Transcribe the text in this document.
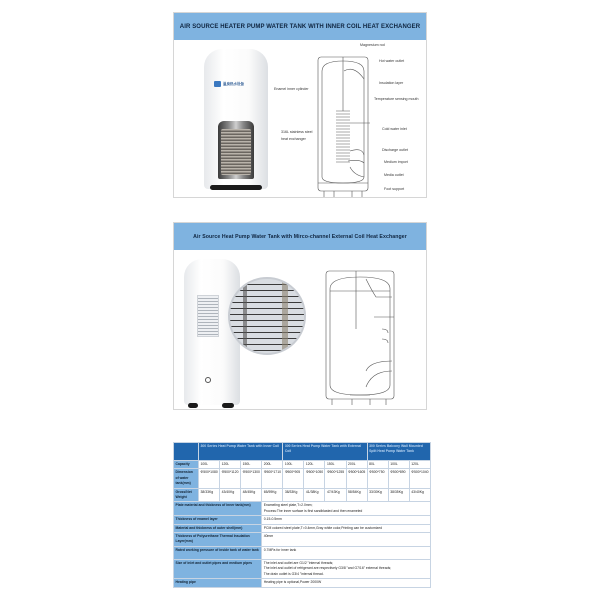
AIR SOURCE HEATER PUMP WATER TANK WITH INNER COIL HEAT EXCHANGER
温泉热水设备
Enamel inner cylinder
316L stainless steel
heat exchanger
Magnesium rod
Hot water outlet
Insulation layer
Temperature sensing mouth
Cold water inlet
Discharge outlet
Medium import
Media outlet
Foot support
Air Source Heat Pump Water Tank with Mirco-channel External Coil Heat Exchanger
	300 Series Heat Pump Water Tank with Inner Coil				300 Series Heat Pump Water Tank with External Coil				300 Series Balcony Wall Mounted Split Heat Pump Water Tank		
Capacity	100L	120L	150L	200L	100L	120L	150L	200L	80L	100L	120L
Dimension of water tank(mm)	Φ500*1080	Φ500*1120	Φ500*1300	Φ500*1710	Φ500*905	Φ500*1050	Φ500*1255	Φ500*1605	Φ500*750	Φ500*890	Φ500*1040
Gross/Net Weight	38/33Kg	43/40Kg	48/45Kg	65/59Kg	38/33Kg	41/38Kg	47/43Kg	58/54Kg	33/30Kg	38/35Kg	43/40Kg
Plate material and thickness of inner tank(mm)				Enameling steel plate,T=2.0mm;
Process:The inner surface is first sandblasted and then enameled							

Thickness of enamel layer				0.15-0.5mm							
Material and thickness of outer shell(mm)				PCM colored steel plate,T=0.4mm,Gray white color,Printing can be customized							
Thickness of Polyurethane Thermal Insulation Layer(mm)				40mm							
Rated working pressure of inside tank of water tank				0.7MPa for inner tank							
Size of inlet and outlet pipes and medium pipes				The inlet and outlet are G1/2 "internal threads;
The inlet and outlet of refrigerant are respectively G3/8 "and G7/16" external threads;
The drain outlet is G3/4 "internal thread.							

Heating pipe				Heating pipe is optional,Power 2000W							
